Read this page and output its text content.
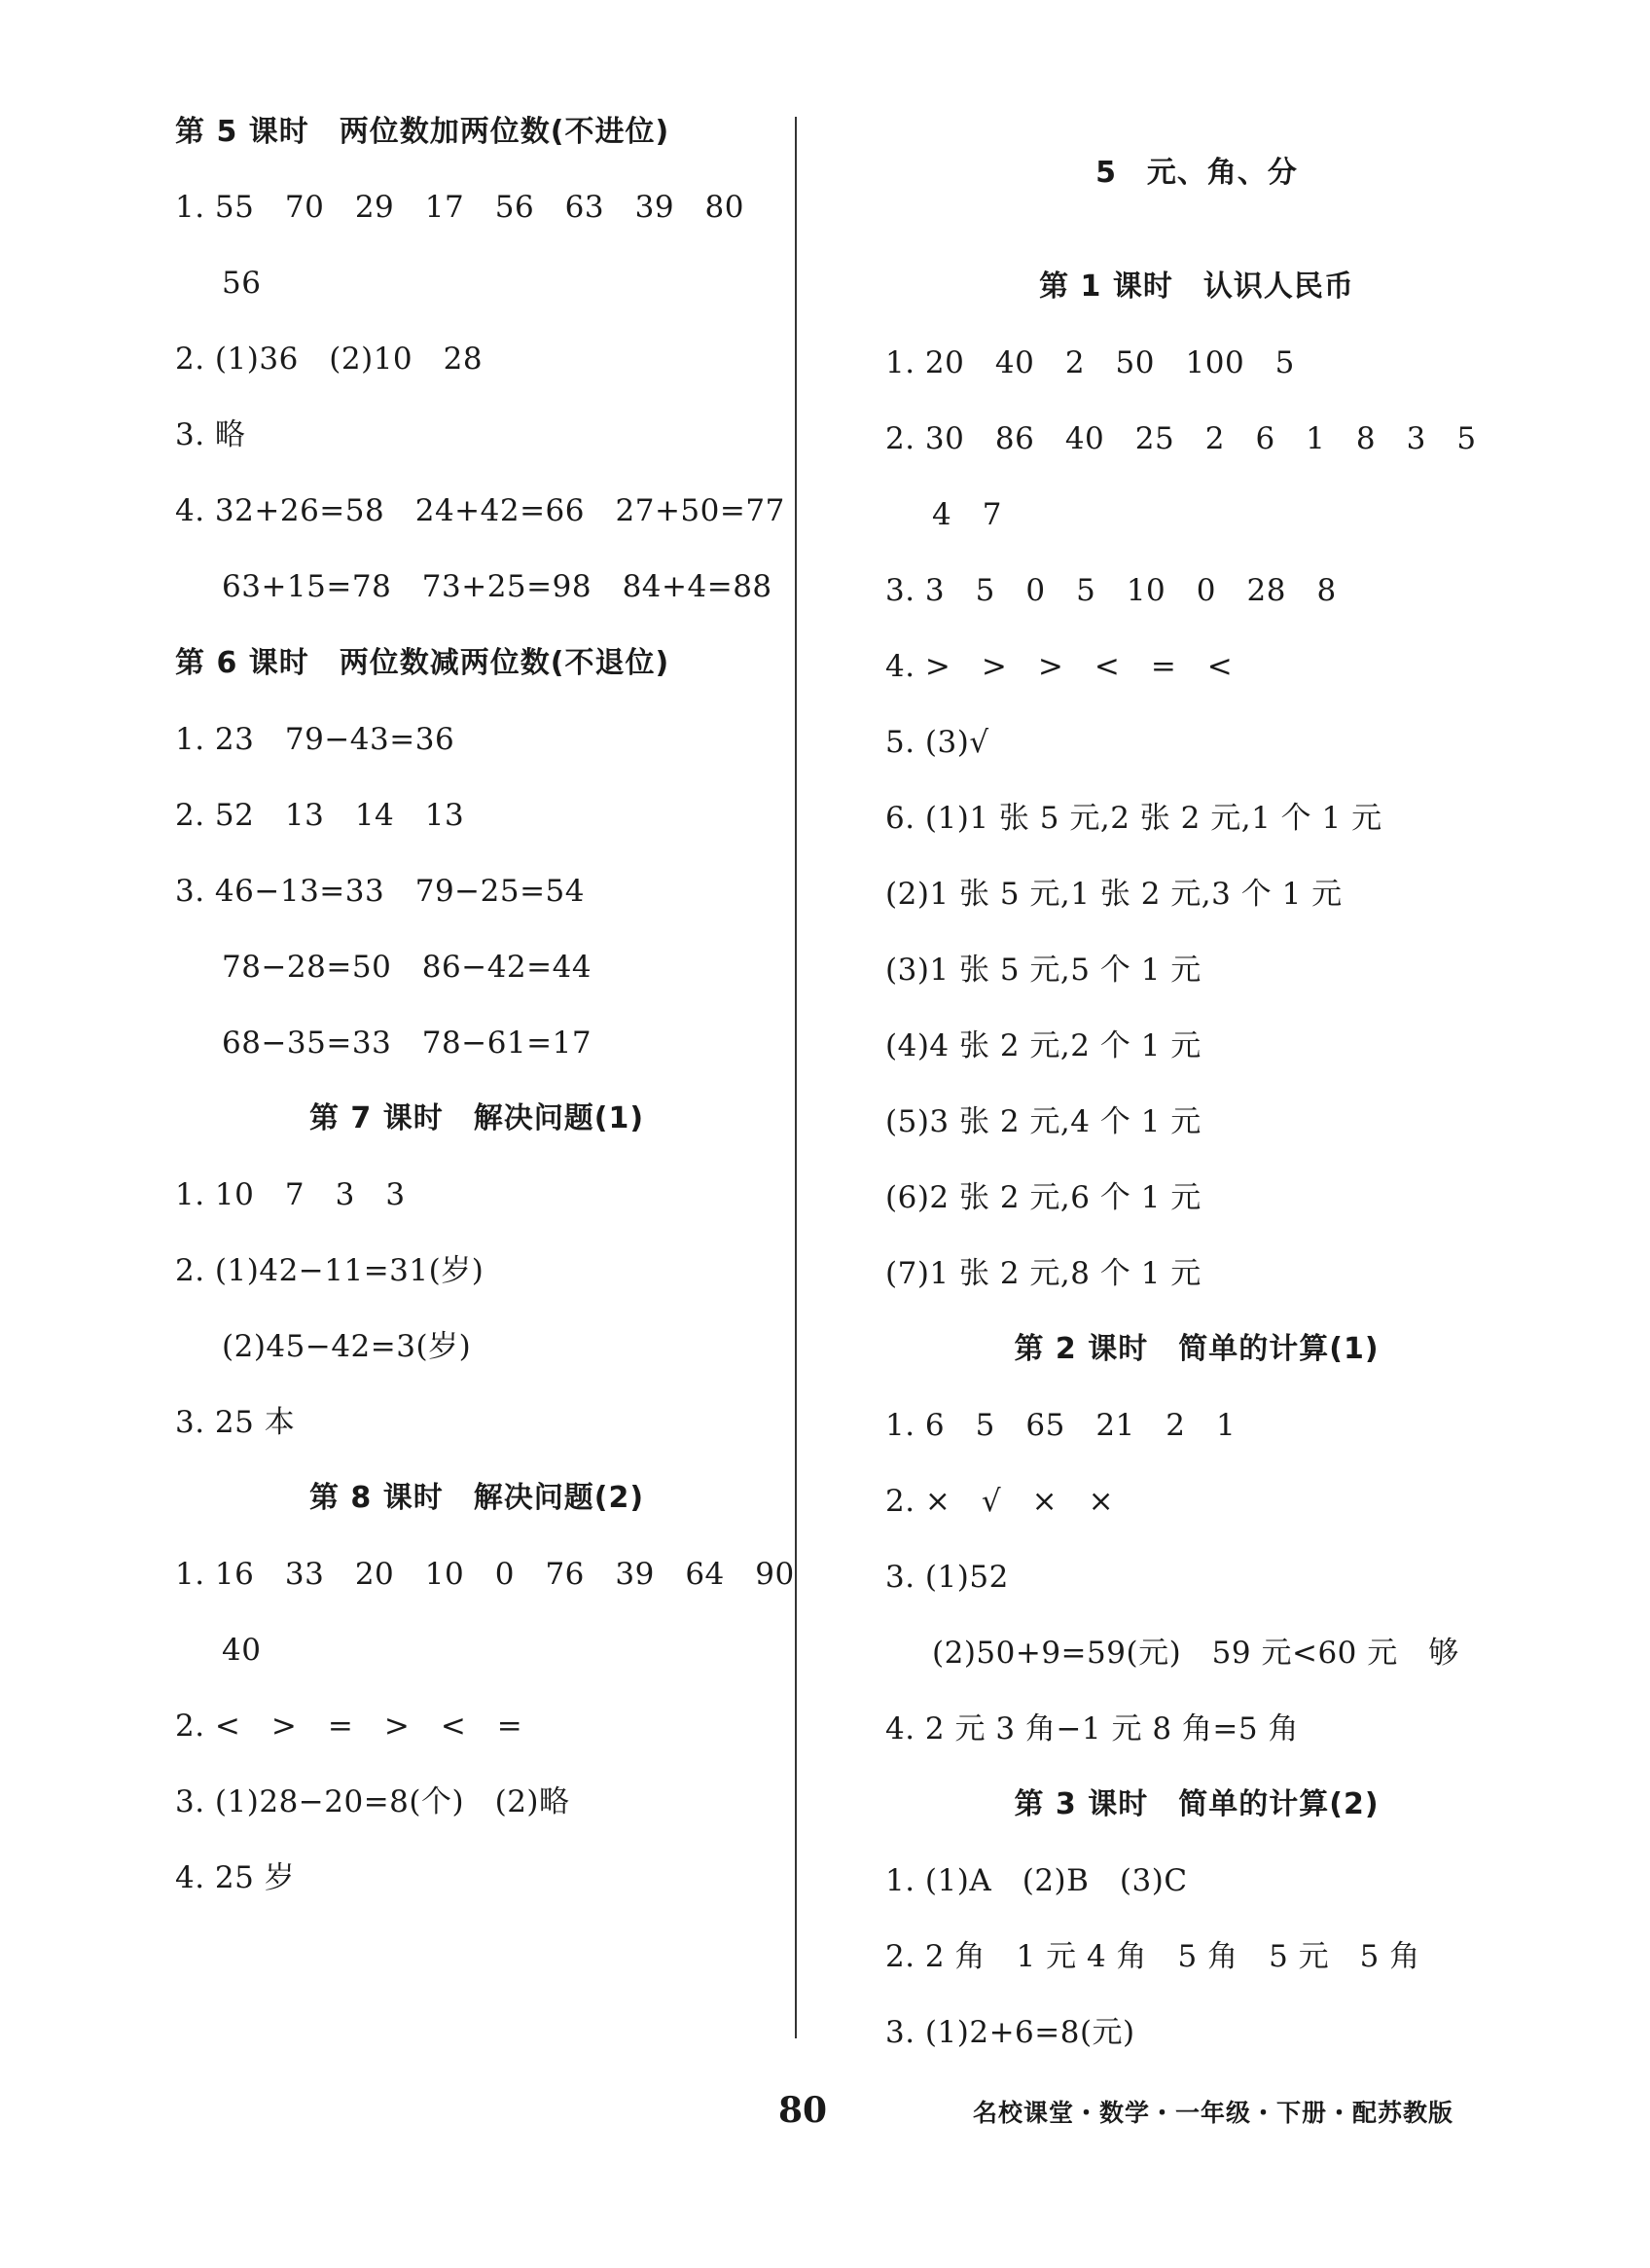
第 5 课时　两位数加两位数(不进位)
1. 55　70　29　17　56　63　39　80
56
2. (1)36　(2)10　28
3. 略
4. 32+26=58　24+42=66　27+50=77
63+15=78　73+25=98　84+4=88
第 6 课时　两位数减两位数(不退位)
1. 23　79−43=36
2. 52　13　14　13
3. 46−13=33　79−25=54
78−28=50　86−42=44
68−35=33　78−61=17
第 7 课时　解决问题(1)
1. 10　7　3　3
2. (1)42−11=31(岁)
(2)45−42=3(岁)
3. 25 本
第 8 课时　解决问题(2)
1. 16　33　20　10　0　76　39　64　90
40
2. <　>　=　>　<　=
3. (1)28−20=8(个)　(2)略
4. 25 岁
5　元、角、分
第 1 课时　认识人民币
1. 20　40　2　50　100　5
2. 30　86　40　25　2　6　1　8　3　5
4　7
3. 3　5　0　5　10　0　28　8
4. >　>　>　<　=　<
5. (3)√
6. (1)1 张 5 元,2 张 2 元,1 个 1 元
(2)1 张 5 元,1 张 2 元,3 个 1 元
(3)1 张 5 元,5 个 1 元
(4)4 张 2 元,2 个 1 元
(5)3 张 2 元,4 个 1 元
(6)2 张 2 元,6 个 1 元
(7)1 张 2 元,8 个 1 元
第 2 课时　简单的计算(1)
1. 6　5　65　21　2　1
2. ×　√　×　×
3. (1)52
(2)50+9=59(元)　59 元<60 元　够
4. 2 元 3 角−1 元 8 角=5 角
第 3 课时　简单的计算(2)
1. (1)A　(2)B　(3)C
2. 2 角　1 元 4 角　5 角　5 元　5 角
3. (1)2+6=8(元)
80	名校课堂・数学・一年级・下册・配苏教版
